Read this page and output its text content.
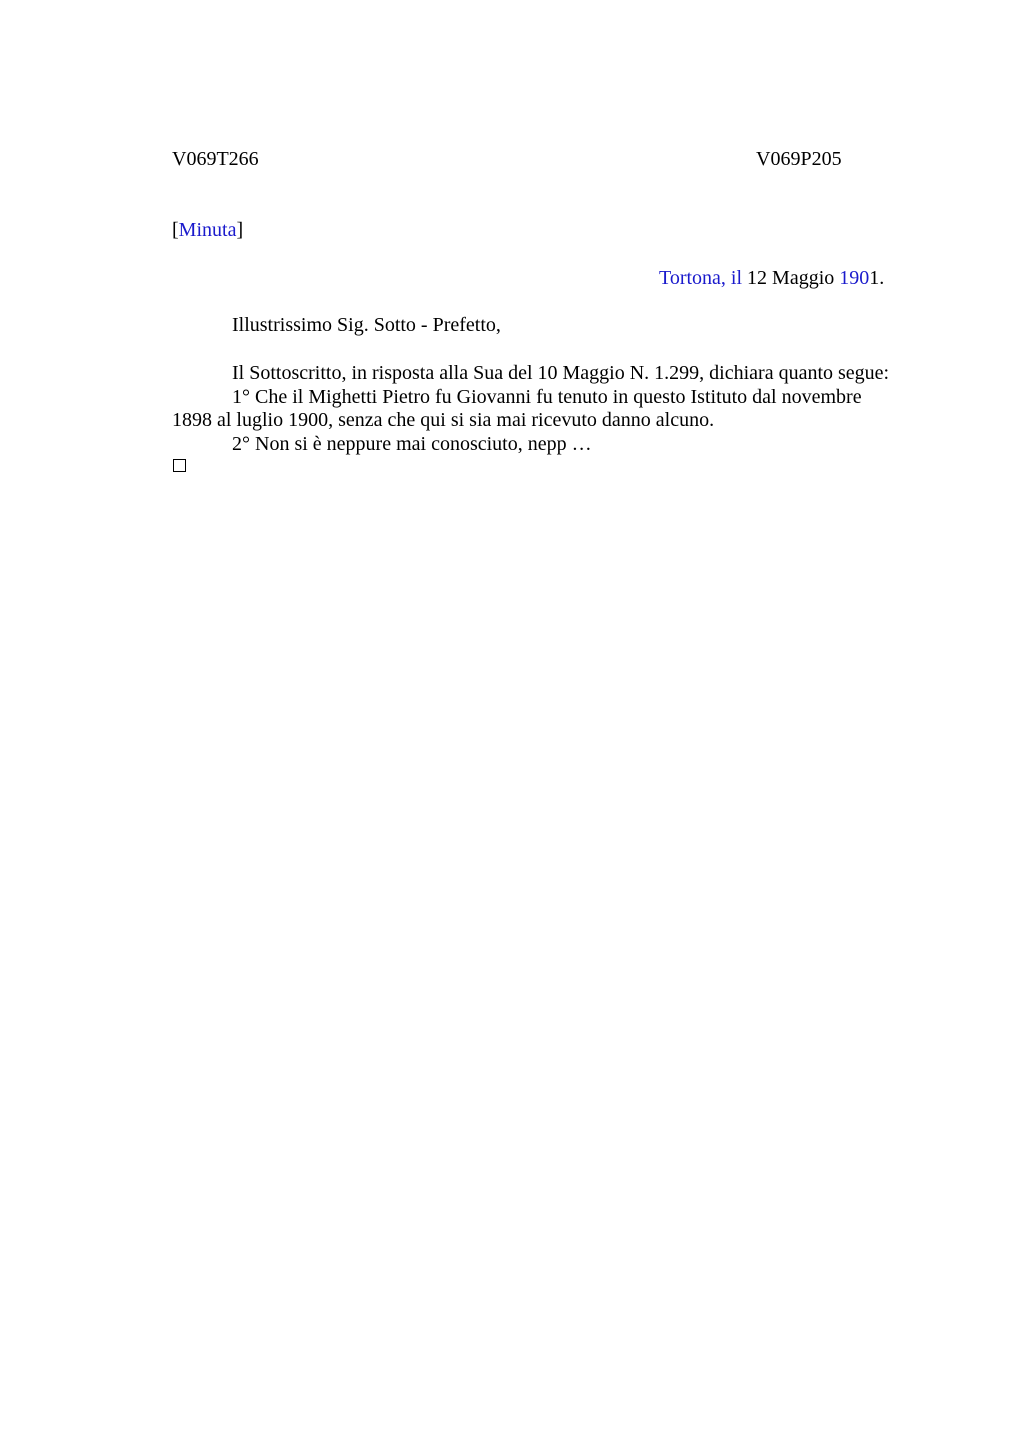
V069T266	V069P205
[Minuta]
Tortona, il 12 Maggio 1901.
Illustrissimo Sig. Sotto - Prefetto,
Il Sottoscritto, in risposta alla Sua del 10 Maggio N. 1.299, dichiara quanto segue:
1° Che il Mighetti Pietro fu Giovanni fu tenuto in questo Istituto dal novembre
1898 al luglio 1900, senza che qui si sia mai ricevuto danno alcuno.
2° Non si è neppure mai conosciuto, nepp …
